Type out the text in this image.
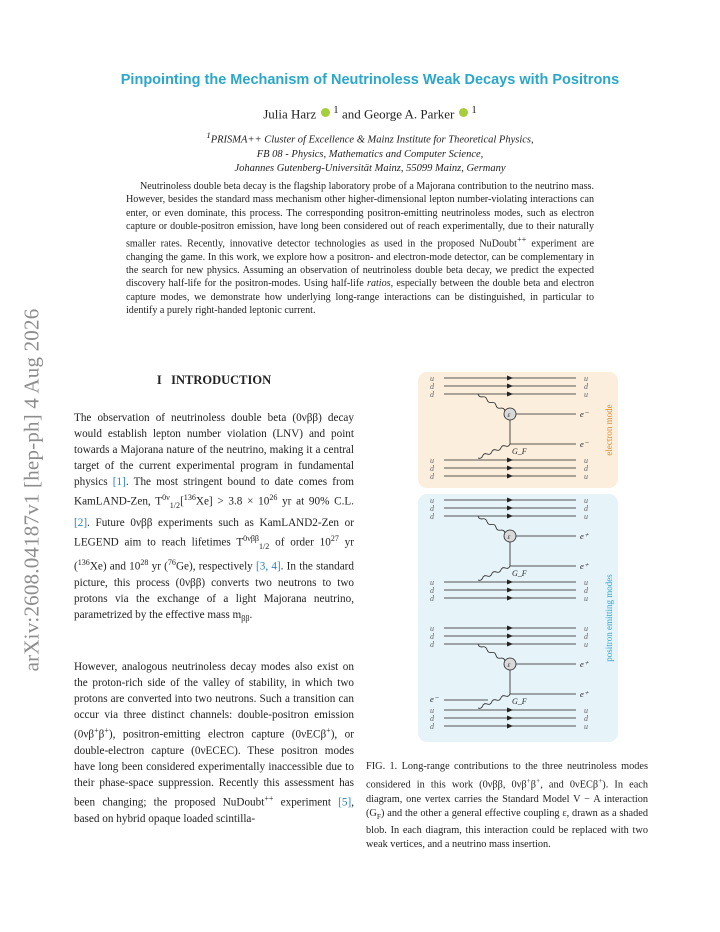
arXiv:2608.04187v1 [hep-ph] 4 Aug 2026
Pinpointing the Mechanism of Neutrinoless Weak Decays with Positrons
Julia Harz $^1$ and George A. Parker $^1$
$^1$PRISMA++ Cluster of Excellence & Mainz Institute for Theoretical Physics,
FB 08 - Physics, Mathematics and Computer Science,
Johannes Gutenberg-Universität Mainz, 55099 Mainz, Germany
Neutrinoless double beta decay is the flagship laboratory probe of a Majorana contribution to the neutrino mass. However, besides the standard mass mechanism other higher-dimensional lepton number-violating interactions can enter, or even dominate, this process. The corresponding positron-emitting neutrinoless modes, such as electron capture or double-positron emission, have long been considered out of reach experimentally, due to their naturally smaller rates. Recently, innovative detector technologies as used in the proposed NuDoubt++ experiment are changing the game. In this work, we explore how a positron- and electron-mode detector, can be complementary in the search for new physics. Assuming an observation of neutrinoless double beta decay, we predict the expected discovery half-life for the positron-modes. Using half-life ratios, especially between the double beta and electron capture modes, we demonstrate how underlying long-range interactions can be distinguished, in particular to identify a purely right-handed leptonic current.
I INTRODUCTION
The observation of neutrinoless double beta (0νββ) decay would establish lepton number violation (LNV) and point towards a Majorana nature of the neutrino, making it a central target of the current experimental program in fundamental physics [1]. The most stringent bound to date comes from KamLAND-Zen, $T^{0\nu}_{1/2}[^{136}Xe] > 3.8 \times 10^{26}$ yr at 90% C.L. [2]. Future 0νββ experiments such as KamLAND2-Zen or LEGEND aim to reach lifetimes $T^{0\nu\beta\beta}_{1/2}$ of order $10^{27}$ yr ($^{136}$Xe) and $10^{28}$ yr ($^{76}$Ge), respectively [3, 4]. In the standard picture, this process (0νββ) converts two neutrons to two protons via the exchange of a light Majorana neutrino, parametrized by the effective mass $m_{\beta\beta}$.
However, analogous neutrinoless decay modes also exist on the proton-rich side of the valley of stability, in which two protons are converted into two neutrons. Such a transition can occur via three distinct channels: double-positron emission (0νβ+β+), positron-emitting electron capture (0νECβ+), or double-electron capture (0νECEC). These positron modes have long been considered experimentally inaccessible due to their phase-space suppression. Recently this assessment has been changing; the proposed NuDoubt++ experiment [5], based on hybrid opaque loaded scintilla-
electron mode
positron emitting modes
u
d
d
u
d
u
u
d
d
u
d
u
e⁻
e⁻
G_F
ε
u
d
d
u
d
u
u
d
d
u
d
u
e⁺
e⁺
G_F
ε
u
d
d
u
d
u
u
d
d
u
d
u
e⁺
e⁺
G_F
e⁻
ε
FIG. 1. Long-range contributions to the three neutrinoless modes considered in this work (0νββ, 0νβ+β+, and 0νECβ+). In each diagram, one vertex carries the Standard Model V − A interaction $(G_F)$ and the other a general effective coupling ε, drawn as a shaded blob. In each diagram, this interaction could be replaced with two weak vertices, and a neutrino mass insertion.
